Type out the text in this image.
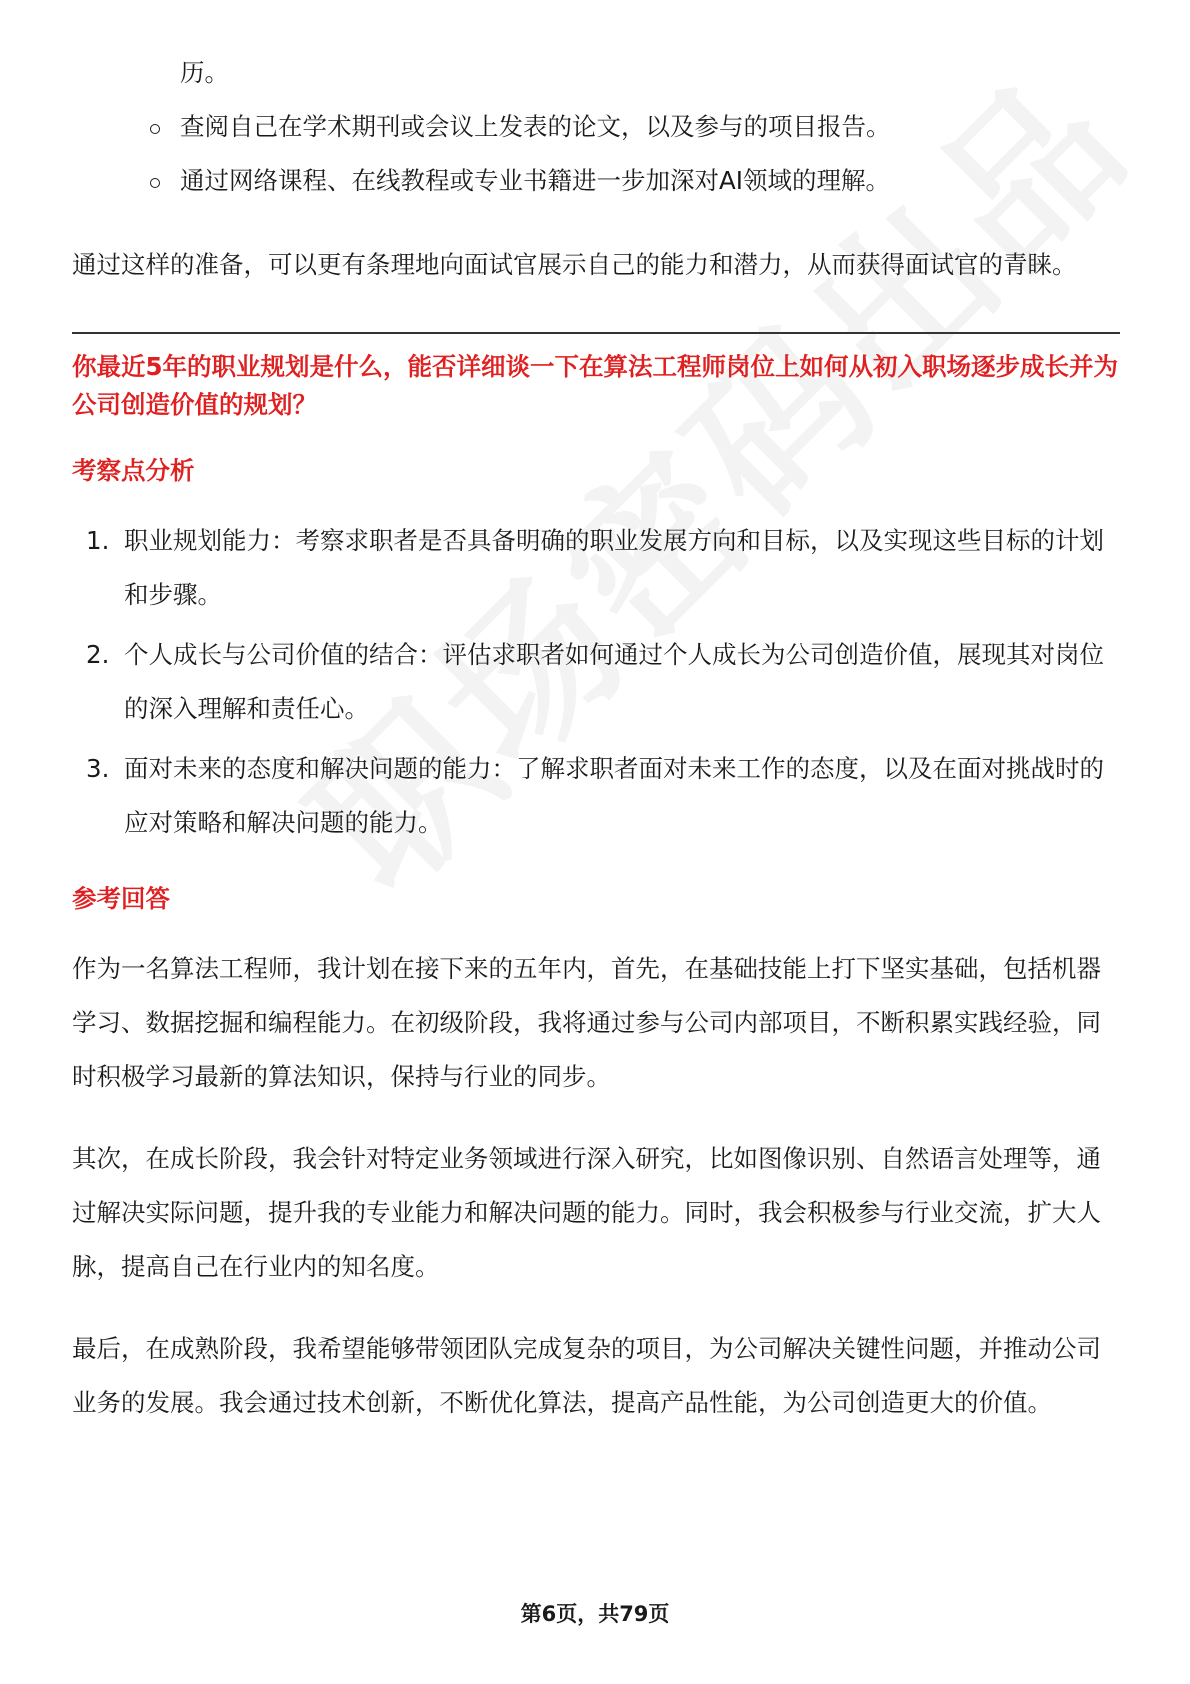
历。

查阅自己在学术期刊或会议上发表的论文，以及参与的项目报告。
通过网络课程、在线教程或专业书籍进一步加深对AI领域的理解。

通过这样的准备，可以更有条理地向面试官展示自己的能力和潜力，从而获得面试官的青睐。

你最近5年的职业规划是什么，能否详细谈一下在算法工程师岗位上如何从初入职场逐步成长并为公司创造价值的规划？
考察点分析
1. 职业规划能力：考察求职者是否具备明确的职业发展方向和目标，以及实现这些目标的计划和步骤。
2. 个人成长与公司价值的结合：评估求职者如何通过个人成长为公司创造价值，展现其对岗位的深入理解和责任心。
3. 面对未来的态度和解决问题的能力：了解求职者面对未来工作的态度，以及在面对挑战时的应对策略和解决问题的能力。
参考回答

作为一名算法工程师，我计划在接下来的五年内，首先，在基础技能上打下坚实基础，包括机器学习、数据挖掘和编程能力。在初级阶段，我将通过参与公司内部项目，不断积累实践经验，同时积极学习最新的算法知识，保持与行业的同步。

其次，在成长阶段，我会针对特定业务领域进行深入研究，比如图像识别、自然语言处理等，通过解决实际问题，提升我的专业能力和解决问题的能力。同时，我会积极参与行业交流，扩大人脉，提高自己在行业内的知名度。

最后，在成熟阶段，我希望能够带领团队完成复杂的项目，为公司解决关键性问题，并推动公司业务的发展。我会通过技术创新，不断优化算法，提高产品性能，为公司创造更大的价值。

第6页，共79页
